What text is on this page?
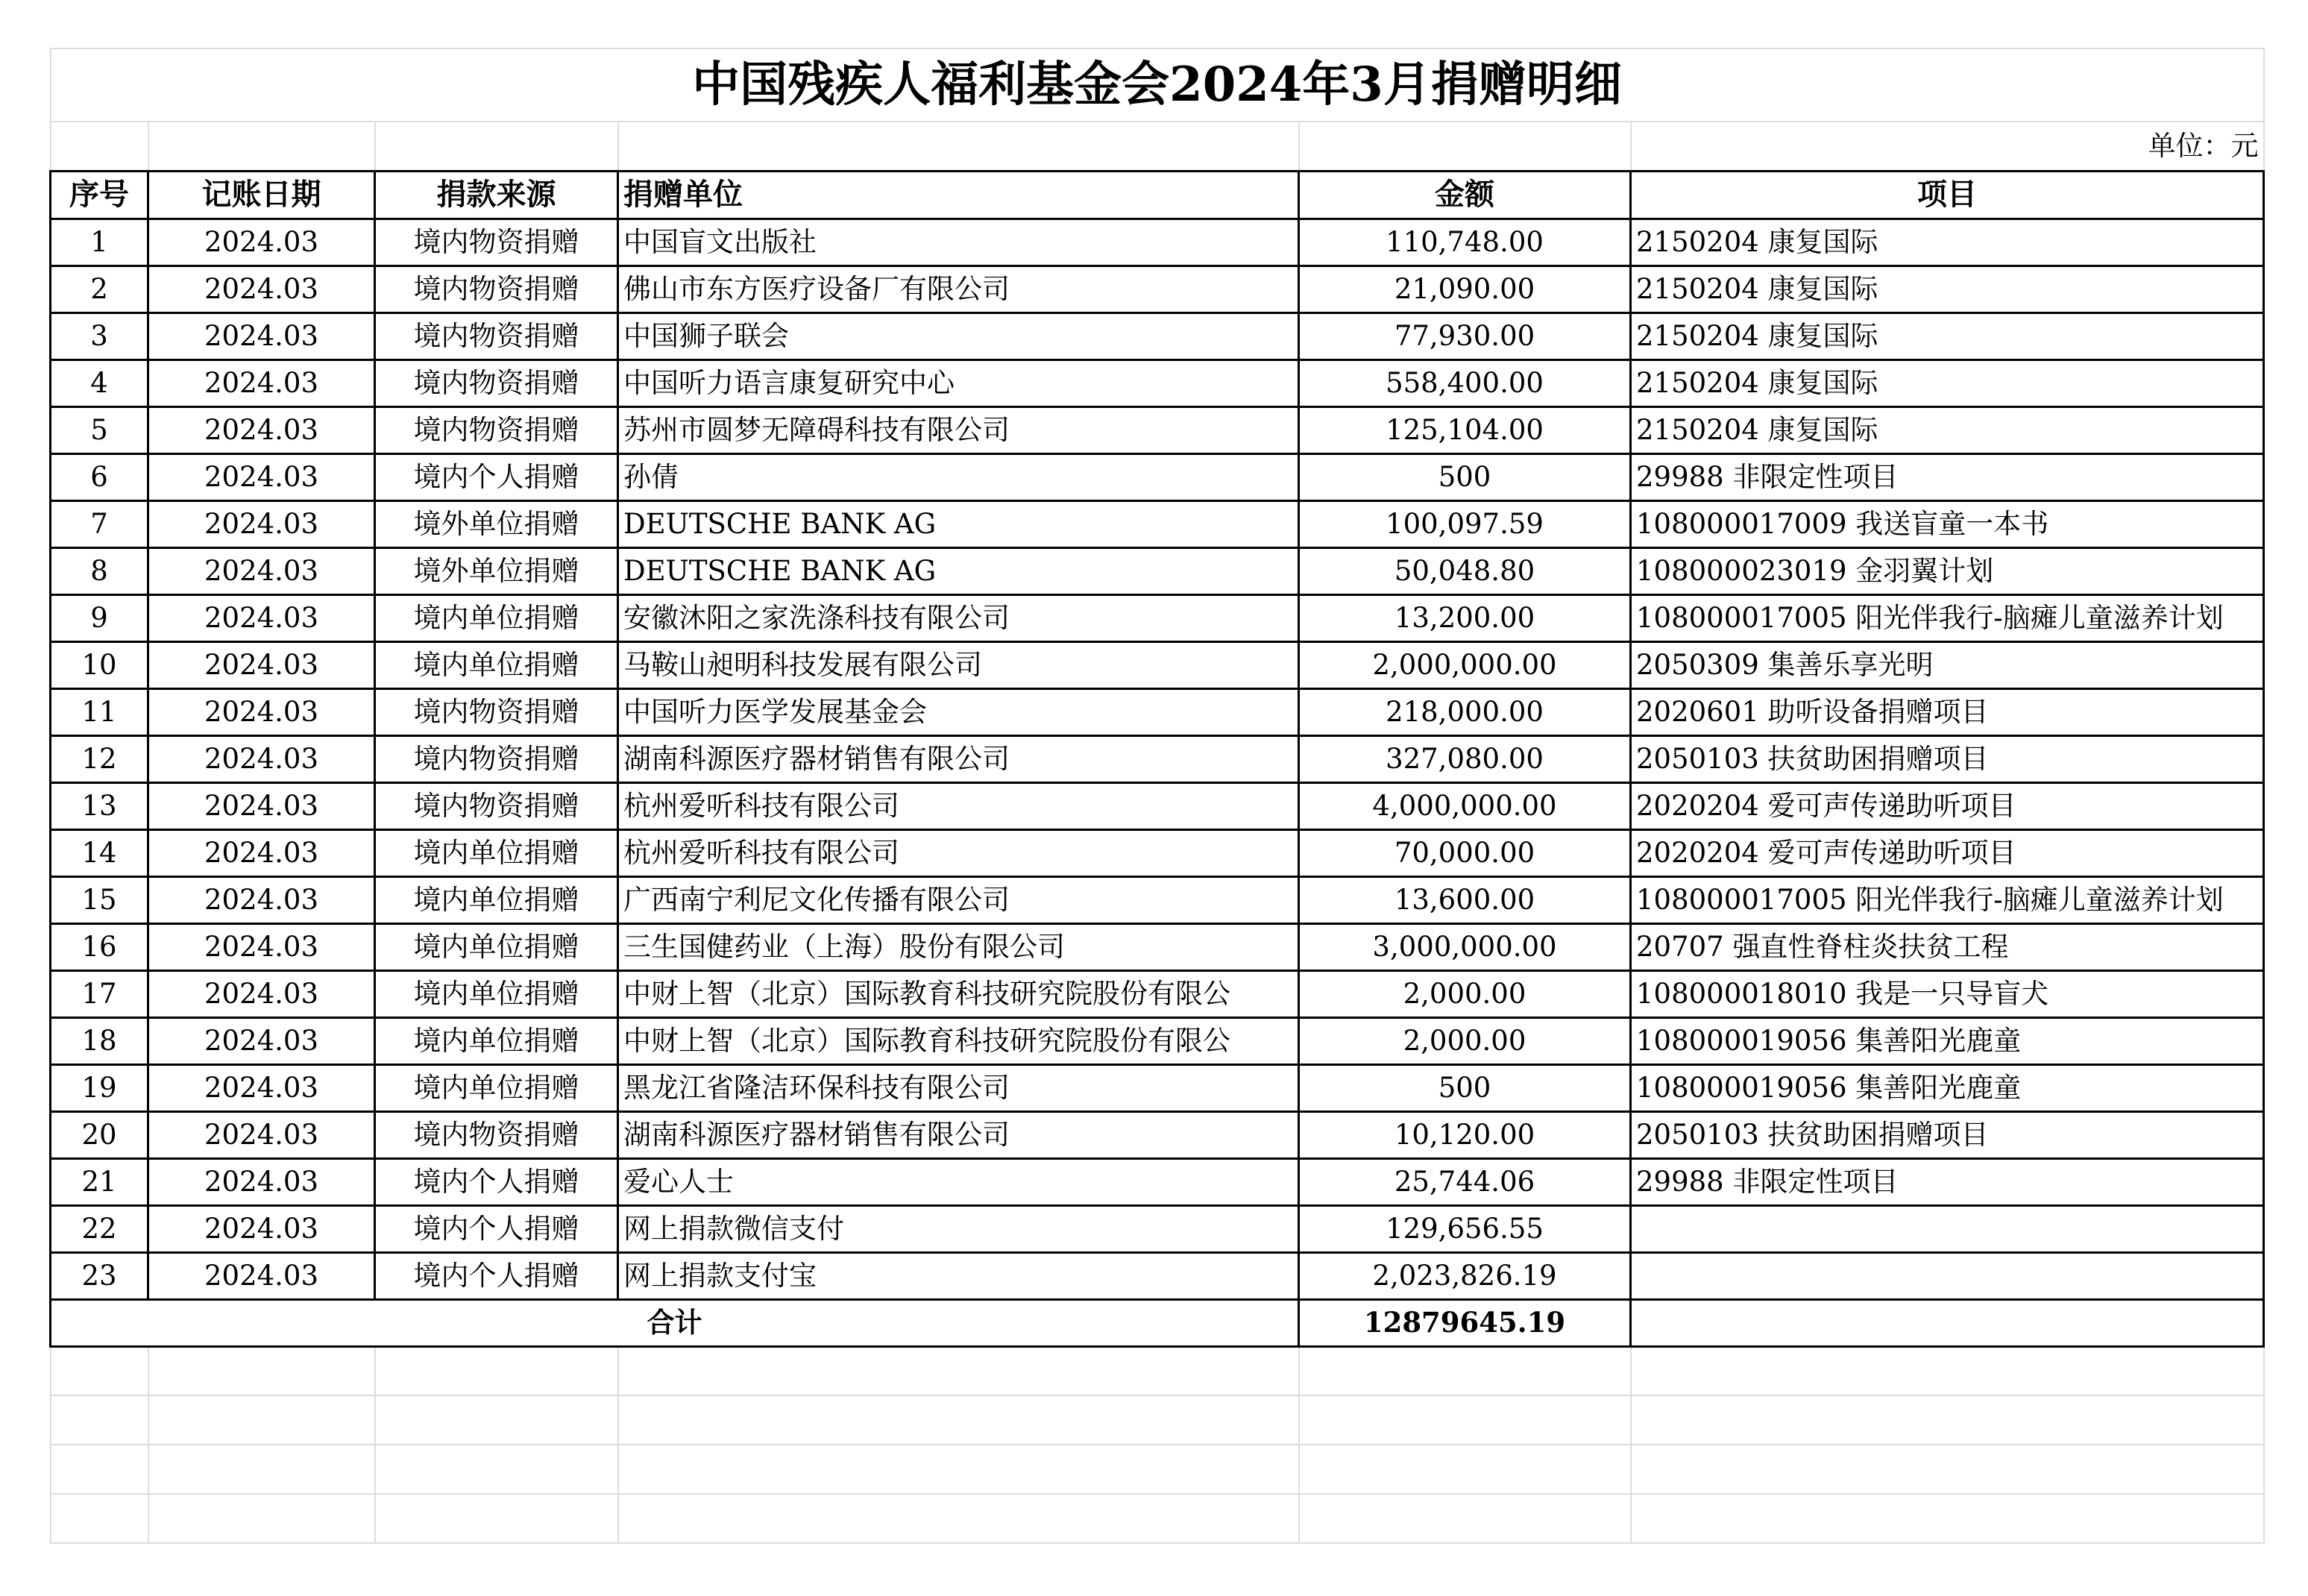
中国残疾人福利基金会2024年3月捐赠明细					
					单位：元
序号	记账日期	捐款来源	捐赠单位	金额	项目
1	2024.03	境内物资捐赠	中国盲文出版社	110,748.00	2150204 康复国际
2	2024.03	境内物资捐赠	佛山市东方医疗设备厂有限公司	21,090.00	2150204 康复国际
3	2024.03	境内物资捐赠	中国狮子联会	77,930.00	2150204 康复国际
4	2024.03	境内物资捐赠	中国听力语言康复研究中心	558,400.00	2150204 康复国际
5	2024.03	境内物资捐赠	苏州市圆梦无障碍科技有限公司	125,104.00	2150204 康复国际
6	2024.03	境内个人捐赠	孙倩	500	29988 非限定性项目
7	2024.03	境外单位捐赠	DEUTSCHE BANK AG	100,097.59	108000017009 我送盲童一本书
8	2024.03	境外单位捐赠	DEUTSCHE BANK AG	50,048.80	108000023019 金羽翼计划
9	2024.03	境内单位捐赠	安徽沐阳之家洗涤科技有限公司	13,200.00	108000017005 阳光伴我行-脑瘫儿童滋养计划
10	2024.03	境内单位捐赠	马鞍山昶明科技发展有限公司	2,000,000.00	2050309 集善乐享光明
11	2024.03	境内物资捐赠	中国听力医学发展基金会	218,000.00	2020601 助听设备捐赠项目
12	2024.03	境内物资捐赠	湖南科源医疗器材销售有限公司	327,080.00	2050103 扶贫助困捐赠项目
13	2024.03	境内物资捐赠	杭州爱听科技有限公司	4,000,000.00	2020204 爱可声传递助听项目
14	2024.03	境内单位捐赠	杭州爱听科技有限公司	70,000.00	2020204 爱可声传递助听项目
15	2024.03	境内单位捐赠	广西南宁利尼文化传播有限公司	13,600.00	108000017005 阳光伴我行-脑瘫儿童滋养计划
16	2024.03	境内单位捐赠	三生国健药业（上海）股份有限公司	3,000,000.00	20707 强直性脊柱炎扶贫工程
17	2024.03	境内单位捐赠	中财上智（北京）国际教育科技研究院股份有限公	2,000.00	108000018010 我是一只导盲犬
18	2024.03	境内单位捐赠	中财上智（北京）国际教育科技研究院股份有限公	2,000.00	108000019056 集善阳光鹿童
19	2024.03	境内单位捐赠	黑龙江省隆洁环保科技有限公司	500	108000019056 集善阳光鹿童
20	2024.03	境内物资捐赠	湖南科源医疗器材销售有限公司	10,120.00	2050103 扶贫助困捐赠项目
21	2024.03	境内个人捐赠	爱心人士	25,744.06	29988 非限定性项目
22	2024.03	境内个人捐赠	网上捐款微信支付	129,656.55	
23	2024.03	境内个人捐赠	网上捐款支付宝	2,023,826.19	
合计				12879645.19	
